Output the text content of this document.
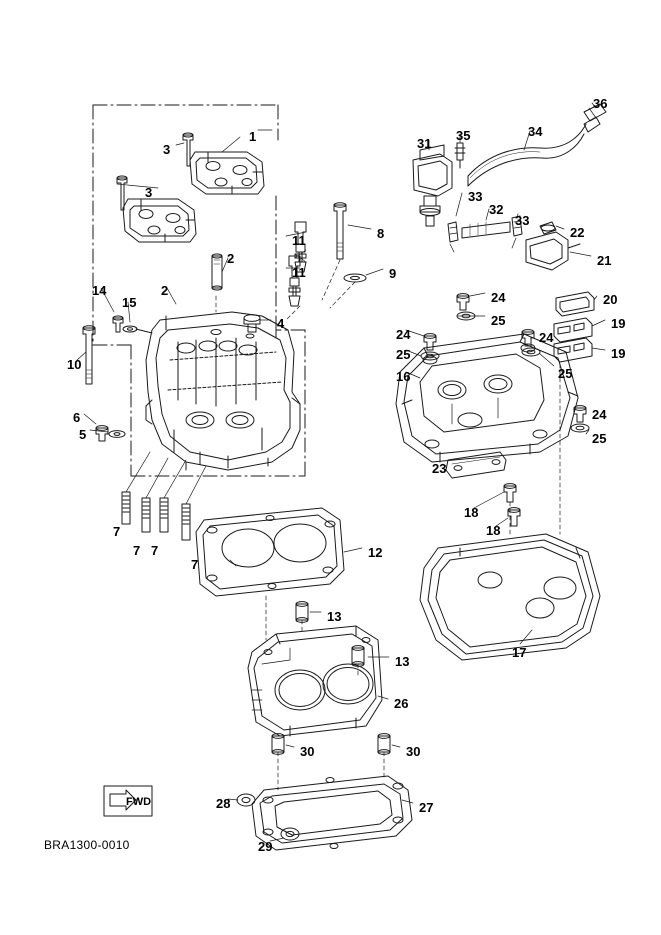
FWD
BRA1300-0010
1
3
3
11
11
8
9
2
2
14
15
4
10
6
5
7
7 7
7
12
13
13
26
30	30
28	27
29
36
31
35	34
33
32
33
22
21
24
25
20
19
24
19
24
25
25
16
24
25
23
18
18
17
